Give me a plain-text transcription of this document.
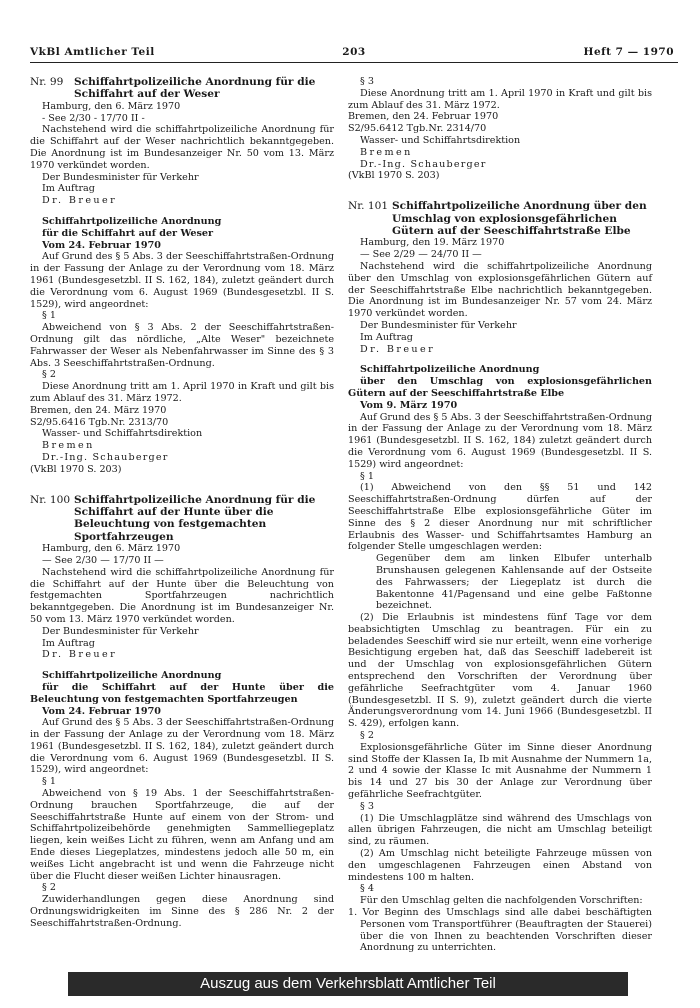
VkBl Amtlicher Teil	203	Heft 7 — 1970
Nr. 99 Schiffahrtpolizeiliche Anordnung für die Schiffahrt auf der Weser

Hamburg, den 6. März 1970

- See 2/30 - 17/70 II -

Nachstehend wird die schiffahrtpolizeiliche Anordnung für die Schiffahrt auf der Weser nachrichtlich bekanntgegeben. Die Anordnung ist im Bundesanzeiger Nr. 50 vom 13. März 1970 verkündet worden.

Der Bundesminister für Verkehr

Im Auftrag

Dr. Breuer

Schiffahrtpolizeiliche Anordnung

für die Schiffahrt auf der Weser

Vom 24. Februar 1970

Auf Grund des § 5 Abs. 3 der Seeschiffahrtstraßen-Ordnung in der Fassung der Anlage zu der Verordnung vom 18. März 1961 (Bundesgesetzbl. II S. 162, 184), zuletzt geändert durch die Verordnung vom 6. August 1969 (Bundesgesetzbl. II S. 1529), wird angeordnet:

§ 1

Abweichend von § 3 Abs. 2 der Seeschiffahrtstraßen-Ordnung gilt das nördliche, „Alte Weser" bezeichnete Fahrwasser der Weser als Nebenfahrwasser im Sinne des § 3 Abs. 3 Seeschiffahrtstraßen-Ordnung.

§ 2

Diese Anordnung tritt am 1. April 1970 in Kraft und gilt bis zum Ablauf des 31. März 1972.

Bremen, den 24. März 1970

S2/95.6416 Tgb.Nr. 2313/70

Wasser- und Schiffahrtsdirektion

Bremen

Dr.-Ing. Schauberger

(VkBl 1970 S. 203)

Nr. 100 Schiffahrtpolizeiliche Anordnung für die Schiffahrt auf der Hunte über die Beleuchtung von festgemachten Sportfahrzeugen

Hamburg, den 6. März 1970

— See 2/30 — 17/70 II —

Nachstehend wird die schiffahrtpolizeiliche Anordnung für die Schiffahrt auf der Hunte über die Beleuchtung von festgemachten Sportfahrzeugen nachrichtlich bekanntgegeben. Die Anordnung ist im Bundesanzeiger Nr. 50 vom 13. März 1970 verkündet worden.

Der Bundesminister für Verkehr

Im Auftrag

Dr. Breuer

Schiffahrtpolizeiliche Anordnung

für die Schiffahrt auf der Hunte über die Beleuchtung von festgemachten Sportfahrzeugen

Vom 24. Februar 1970

Auf Grund des § 5 Abs. 3 der Seeschiffahrtstraßen-Ordnung in der Fassung der Anlage zu der Verordnung vom 18. März 1961 (Bundesgesetzbl. II S. 162, 184), zuletzt geändert durch die Verordnung vom 6. August 1969 (Bundesgesetzbl. II S. 1529), wird angeordnet:

§ 1

Abweichend von § 19 Abs. 1 der Seeschiffahrtstraßen-Ordnung brauchen Sportfahrzeuge, die auf der Seeschiffahrtstraße Hunte auf einem von der Strom- und Schiffahrtpolizeibehörde genehmigten Sammelliegeplatz liegen, kein weißes Licht zu führen, wenn am Anfang und am Ende dieses Liegeplatzes, mindestens jedoch alle 50 m, ein weißes Licht angebracht ist und wenn die Fahrzeuge nicht über die Flucht dieser weißen Lichter hinausragen.

§ 2

Zuwiderhandlungen gegen diese Anordnung sind Ordnungswidrigkeiten im Sinne des § 286 Nr. 2 der Seeschiffahrtstraßen-Ordnung.

§ 3

Diese Anordnung tritt am 1. April 1970 in Kraft und gilt bis zum Ablauf des 31. März 1972.

Bremen, den 24. Februar 1970

S2/95.6412 Tgb.Nr. 2314/70

Wasser- und Schiffahrtsdirektion

Bremen

Dr.-Ing. Schauberger

(VkBl 1970 S. 203)

Nr. 101 Schiffahrtpolizeiliche Anordnung über den Umschlag von explosionsgefährlichen Gütern auf der Seeschiffahrtstraße Elbe

Hamburg, den 19. März 1970

— See 2/29 — 24/70 II —

Nachstehend wird die schiffahrtpolizeiliche Anordnung über den Umschlag von explosionsgefährlichen Gütern auf der Seeschiffahrtstraße Elbe nachrichtlich bekanntgegeben. Die Anordnung ist im Bundesanzeiger Nr. 57 vom 24. März 1970 verkündet worden.

Der Bundesminister für Verkehr

Im Auftrag

Dr. Breuer

Schiffahrtpolizeiliche Anordnung

über den Umschlag von explosionsgefährlichen Gütern auf der Seeschiffahrtstraße Elbe

Vom 9. März 1970

Auf Grund des § 5 Abs. 3 der Seeschiffahrtstraßen-Ordnung in der Fassung der Anlage zu der Verordnung vom 18. März 1961 (Bundesgesetzbl. II S. 162, 184) zuletzt geändert durch die Verordnung vom 6. August 1969 (Bundesgesetzbl. II S. 1529) wird angeordnet:

§ 1

(1) Abweichend von den §§ 51 und 142 Seeschiffahrtstraßen-Ordnung dürfen auf der Seeschiffahrtstraße Elbe explosionsgefährliche Güter im Sinne des § 2 dieser Anordnung nur mit schriftlicher Erlaubnis des Wasser- und Schiffahrtsamtes Hamburg an folgender Stelle umgeschlagen werden:

Gegenüber dem am linken Elbufer unterhalb Brunshausen gelegenen Kahlensande auf der Ostseite des Fahrwassers; der Liegeplatz ist durch die Bakentonne 41/Pagensand und eine gelbe Faßtonne bezeichnet.

(2) Die Erlaubnis ist mindestens fünf Tage vor dem beabsichtigten Umschlag zu beantragen. Für ein zu beladendes Seeschiff wird sie nur erteilt, wenn eine vorherige Besichtigung ergeben hat, daß das Seeschiff ladebereit ist und der Umschlag von explosionsgefährlichen Gütern entsprechend den Vorschriften der Verordnung über gefährliche Seefrachtgüter vom 4. Januar 1960 (Bundesgesetzbl. II S. 9), zuletzt geändert durch die vierte Änderungsverordnung vom 14. Juni 1966 (Bundesgesetzbl. II S. 429), erfolgen kann.

§ 2

Explosionsgefährliche Güter im Sinne dieser Anordnung sind Stoffe der Klassen Ia, Ib mit Ausnahme der Nummern 1a, 2 und 4 sowie der Klasse Ic mit Ausnahme der Nummern 1 bis 14 und 27 bis 30 der Anlage zur Verordnung über gefährliche Seefrachtgüter.

§ 3

(1) Die Umschlagplätze sind während des Umschlags von allen übrigen Fahrzeugen, die nicht am Umschlag beteiligt sind, zu räumen.

(2) Am Umschlag nicht beteiligte Fahrzeuge müssen von den umgeschlagenen Fahrzeugen einen Abstand von mindestens 100 m halten.

§ 4

Für den Umschlag gelten die nachfolgenden Vorschriften:

1. Vor Beginn des Umschlags sind alle dabei beschäftigten Personen vom Transportführer (Beauftragten der Stauerei) über die von Ihnen zu beachtenden Vorschriften dieser Anordnung zu unterrichten.

Auszug aus dem Verkehrsblatt Amtlicher Teil
